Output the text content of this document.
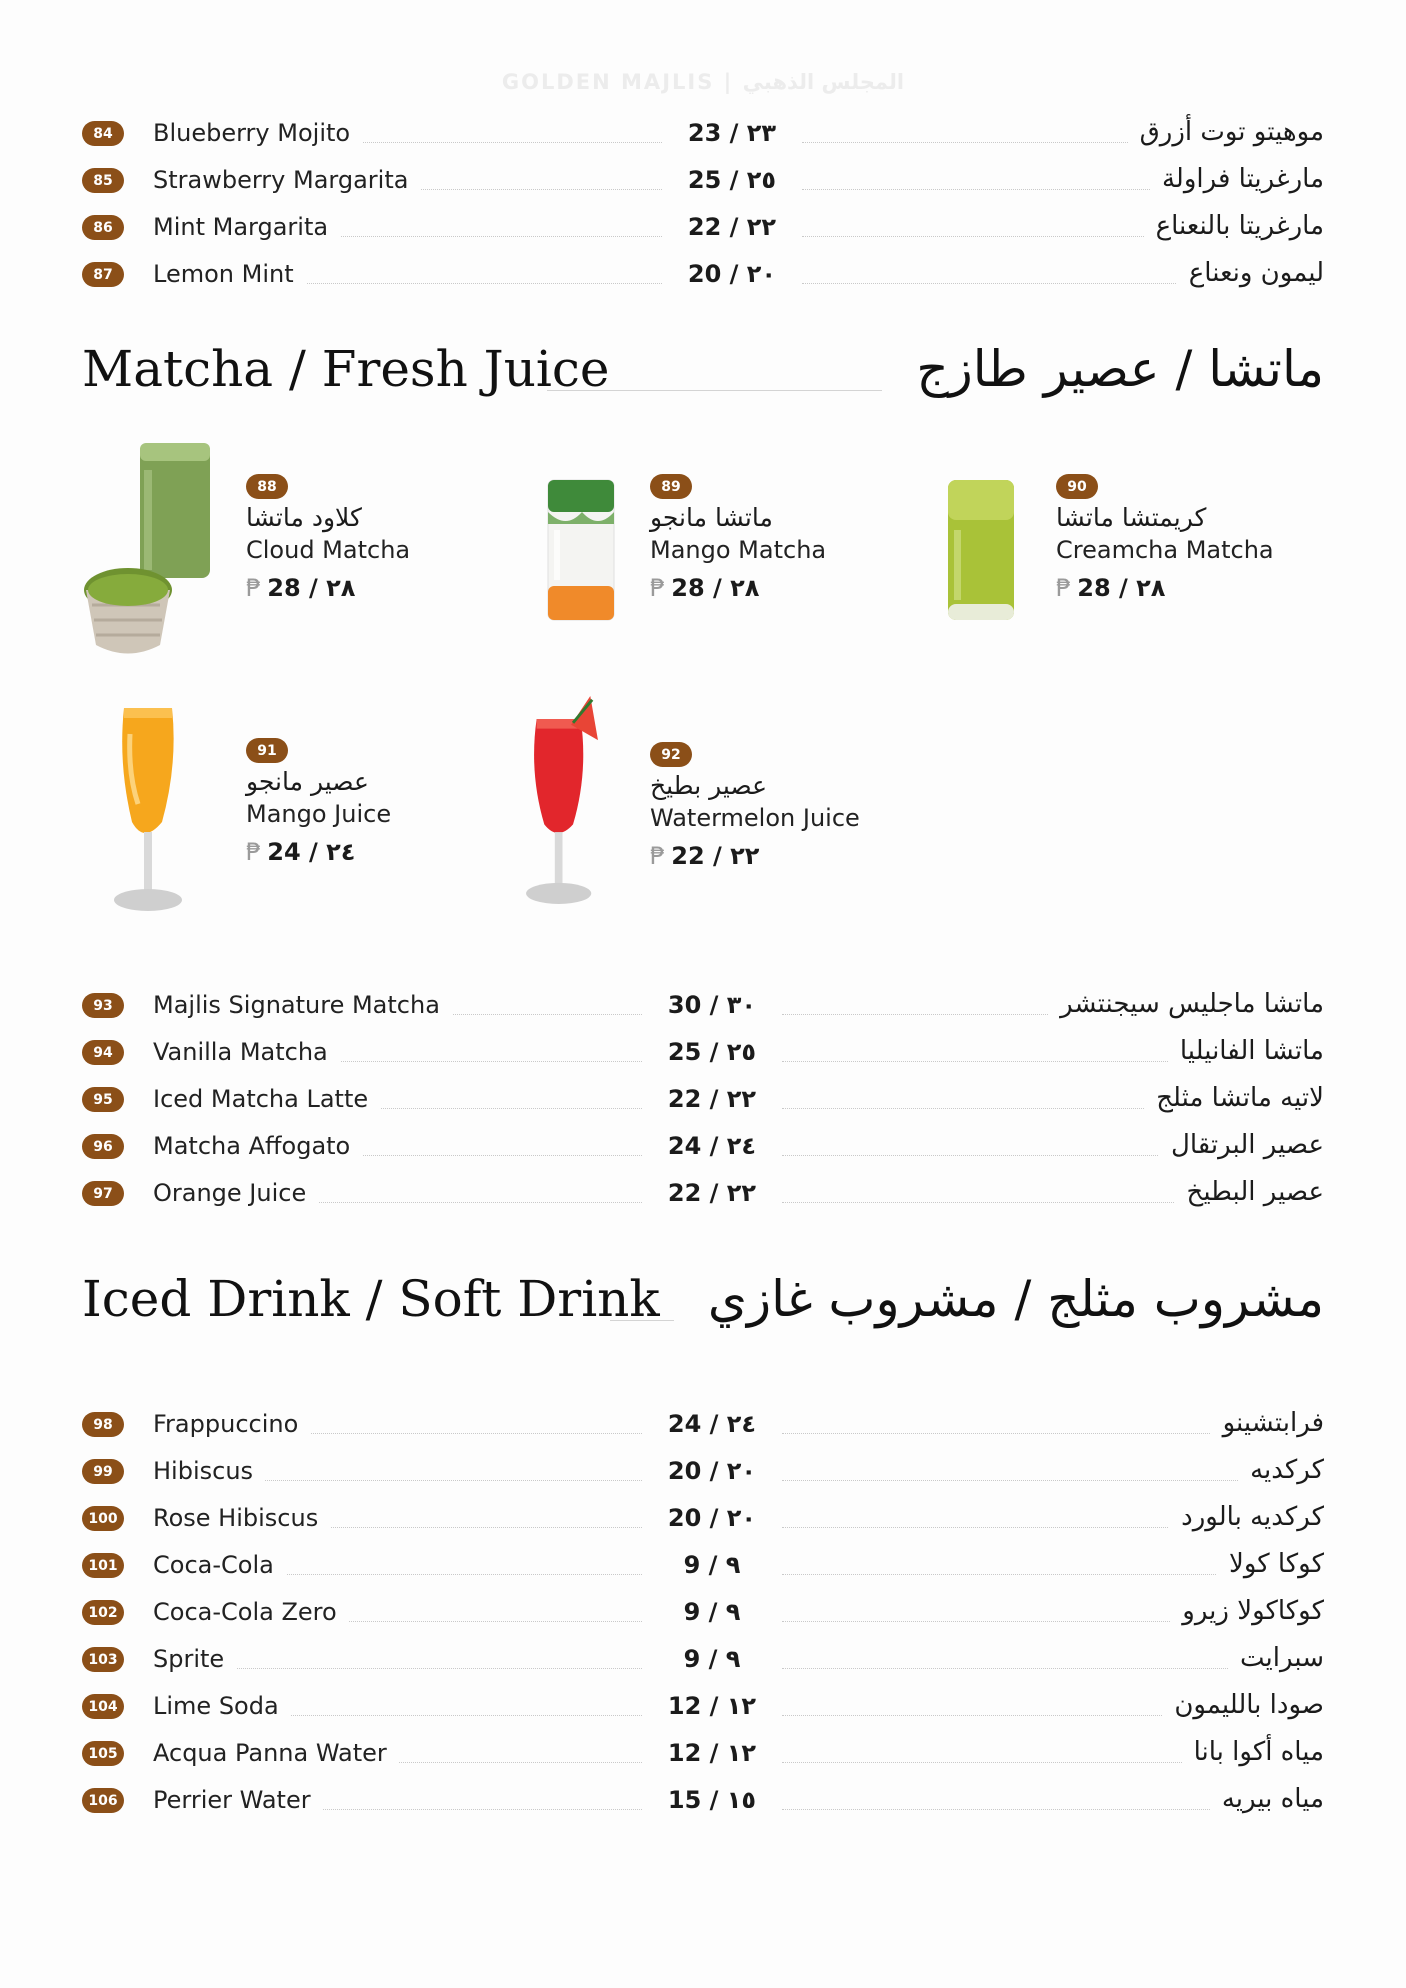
GOLDEN MAJLIS | المجلس الذهبي
84	Blueberry Mojito	23 / ٢٣	موهيتو توت أزرق
85	Strawberry Margarita	25 / ٢٥	مارغريتا فراولة
86	Mint Margarita	22 / ٢٢	مارغريتا بالنعناع
87	Lemon Mint	20 / ٢٠	ليمون ونعناع
Matcha / Fresh Juice	ماتشا / عصير طازج
88
كلاود ماتشا
Cloud Matcha
₱ 28 / ٢٨
89
ماتشا مانجو
Mango Matcha
₱ 28 / ٢٨
90
كريمتشا ماتشا
Creamcha Matcha
₱ 28 / ٢٨
91
عصير مانجو
Mango Juice
₱ 24 / ٢٤
92
عصير بطيخ
Watermelon Juice
₱ 22 / ٢٢
93	Majlis Signature Matcha	30 / ٣٠	ماتشا ماجليس سيجنتشر
94	Vanilla Matcha	25 / ٢٥	ماتشا الفانيليا
95	Iced Matcha Latte	22 / ٢٢	لاتيه ماتشا مثلج
96	Matcha Affogato	24 / ٢٤	عصير البرتقال
97	Orange Juice	22 / ٢٢	عصير البطيخ
Iced Drink / Soft Drink مشروب مثلج / مشروب غازي
98	Frappuccino	24 / ٢٤	فرابتشينو
99	Hibiscus	20 / ٢٠	كركديه
100 Rose Hibiscus	20 / ٢٠	كركديه بالورد
101 Coca-Cola	9 / ٩	كوكا كولا
102 Coca-Cola Zero	9 / ٩	كوكاكولا زيرو
103 Sprite	9 / ٩	سبرايت
104 Lime Soda	12 / ١٢	صودا بالليمون
105 Acqua Panna Water	12 / ١٢	مياه أكوا بانا
106 Perrier Water	15 / ١٥	مياه بيريه
